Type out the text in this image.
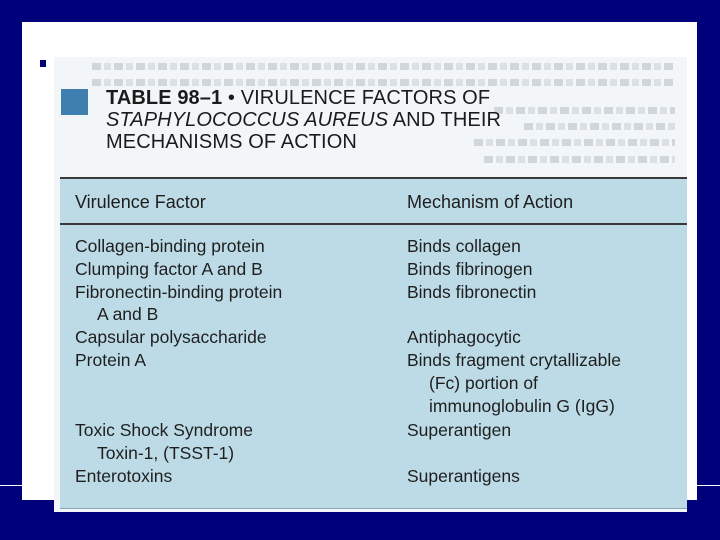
TABLE 98–1 • VIRULENCE FACTORS OF
STAPHYLOCOCCUS AUREUS AND THEIR
MECHANISMS OF ACTION
Virulence Factor	Mechanism of Action
Collagen-binding protein
Clumping factor A and B
Fibronectin-binding protein
A and B
Capsular polysaccharide
Protein A
Toxic Shock Syndrome
Toxin-1, (TSST-1)
Enterotoxins
Binds collagen
Binds fibrinogen
Binds fibronectin
Antiphagocytic
Binds fragment crytallizable
(Fc) portion of
immunoglobulin G (IgG)
Superantigen
Superantigens
